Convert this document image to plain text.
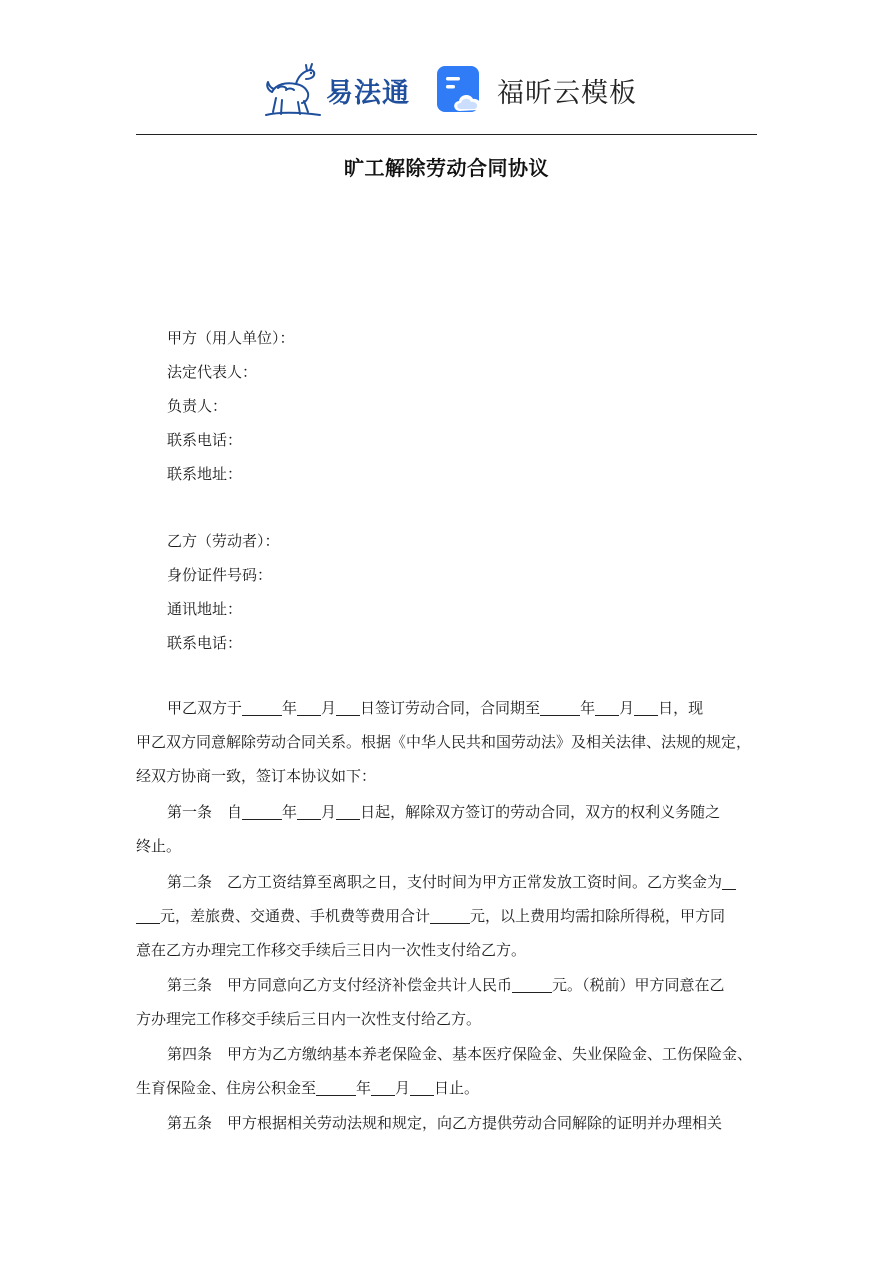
易法通	福昕云模板
旷工解除劳动合同协议
甲方（用人单位）：
法定代表人：
负责人：
联系电话：
联系地址：
乙方（劳动者）：
身份证件号码：
通讯地址：
联系电话：
甲乙双方于	年 月 日签订劳动合同，合同期至	年 月 日，现
甲乙双方同意解除劳动合同关系。根据《中华人民共和国劳动法》及相关法律、法规的规定，
经双方协商一致，签订本协议如下：
第一条 自	年 月 日起，解除双方签订的劳动合同，双方的权利义务随之
终止。
第二条 乙方工资结算至离职之日，支付时间为甲方正常发放工资时间。乙方奖金为
元，差旅费、交通费、手机费等费用合计	元，以上费用均需扣除所得税，甲方同
意在乙方办理完工作移交手续后三日内一次性支付给乙方。
第三条 甲方同意向乙方支付经济补偿金共计人民币	元。（税前）甲方同意在乙
方办理完工作移交手续后三日内一次性支付给乙方。
第四条 甲方为乙方缴纳基本养老保险金、基本医疗保险金、失业保险金、工伤保险金、
生育保险金、住房公积金至	年 月 日止。
第五条 甲方根据相关劳动法规和规定，向乙方提供劳动合同解除的证明并办理相关
